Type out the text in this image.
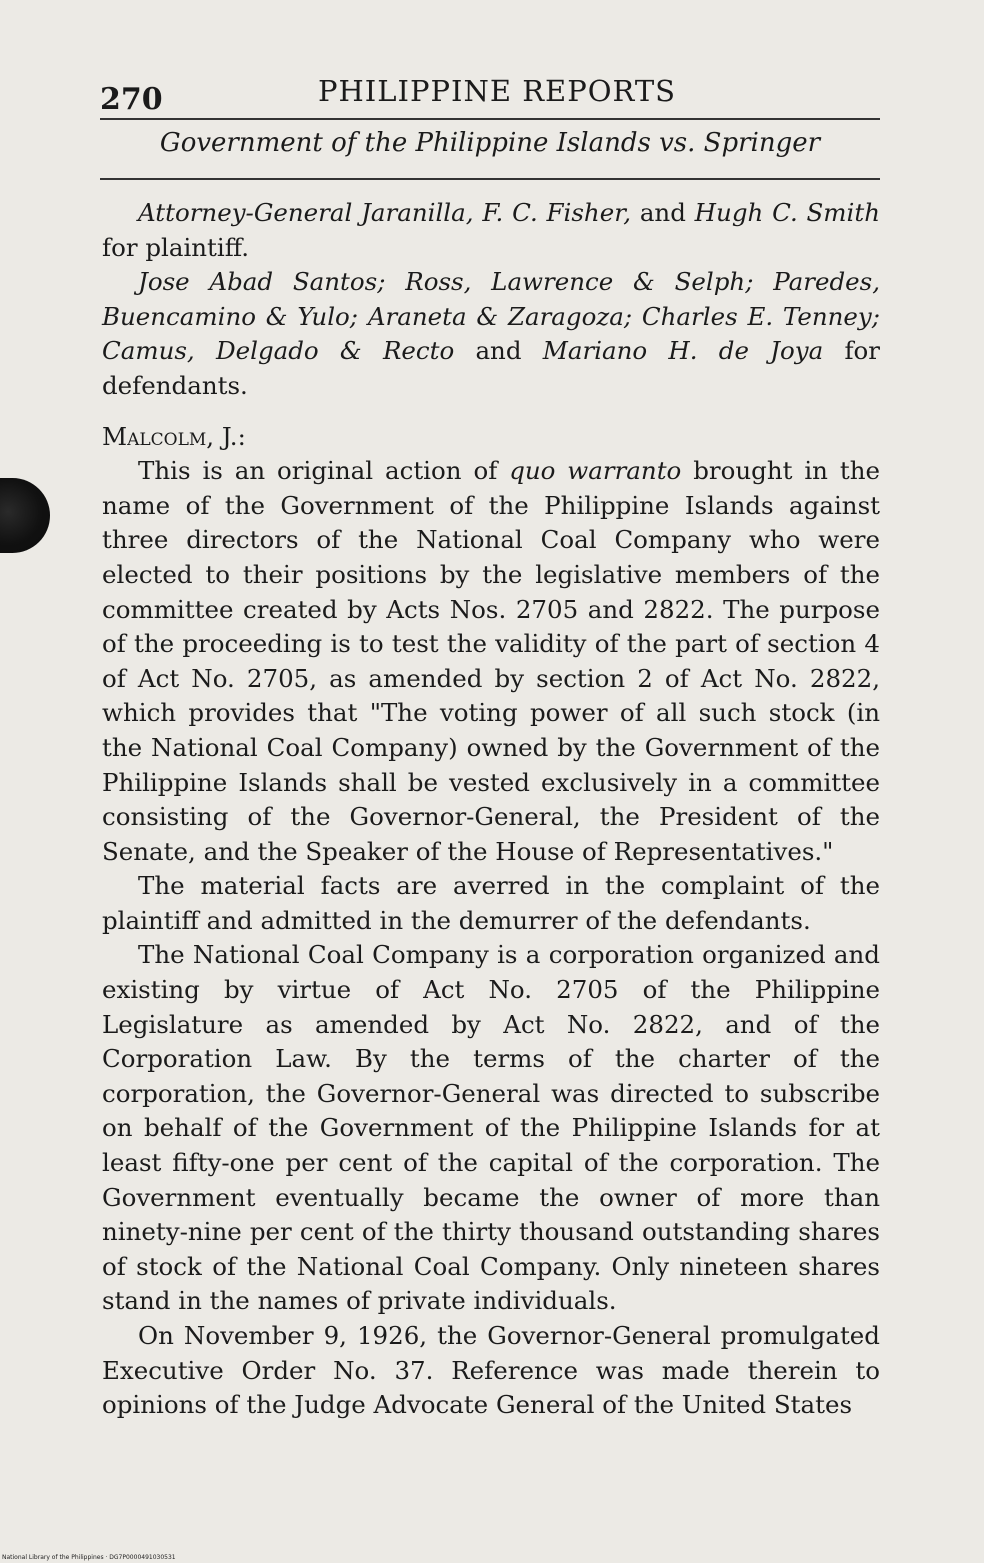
270	PHILIPPINE REPORTS
Government of the Philippine Islands vs. Springer

Attorney-General Jaranilla, F. C. Fisher, and Hugh C. Smith for plaintiff.

Jose Abad Santos; Ross, Lawrence & Selph; Paredes, Buencamino & Yulo; Araneta & Zaragoza; Charles E. Tenney; Camus, Delgado & Recto and Mariano H. de Joya for defendants.

Malcolm, J.:

This is an original action of quo warranto brought in the name of the Government of the Philippine Islands against three directors of the National Coal Company who were elected to their positions by the legislative members of the committee created by Acts Nos. 2705 and 2822. The purpose of the proceeding is to test the validity of the part of section 4 of Act No. 2705, as amended by section 2 of Act No. 2822, which provides that "The voting power of all such stock (in the National Coal Company) owned by the Government of the Philippine Islands shall be vested exclusively in a committee consisting of the Governor-General, the President of the Senate, and the Speaker of the House of Representatives."

The material facts are averred in the complaint of the plaintiff and admitted in the demurrer of the defendants.

The National Coal Company is a corporation organized and existing by virtue of Act No. 2705 of the Philippine Legislature as amended by Act No. 2822, and of the Corporation Law. By the terms of the charter of the corporation, the Governor-General was directed to subscribe on behalf of the Government of the Philippine Islands for at least fifty-one per cent of the capital of the corporation. The Government eventually became the owner of more than ninety-nine per cent of the thirty thousand outstanding shares of stock of the National Coal Company. Only nineteen shares stand in the names of private individuals.

On November 9, 1926, the Governor-General promulgated Executive Order No. 37. Reference was made therein to opinions of the Judge Advocate General of the United States

National Library of the Philippines · DG7P0000491030531
